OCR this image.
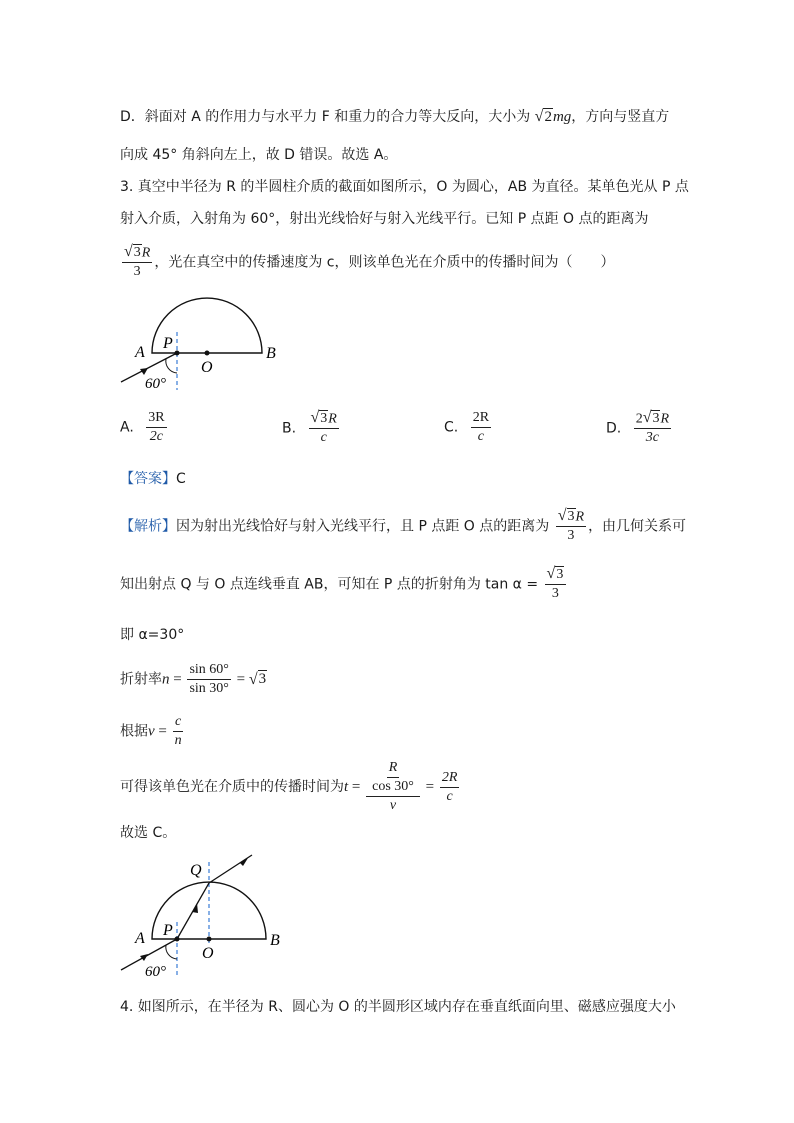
D．斜面对 A 的作用力与水平力 F 和重力的合力等大反向，大小为 √ 2 mg，方向与竖直方
向成 45° 角斜向左上，故 D 错误。故选 A。
3. 真空中半径为 R 的半圆柱介质的截面如图所示，O 为圆心，AB 为直径。某单色光从 P 点
射入介质，入射角为 60°，射出光线恰好与射入光线平行。已知 P 点距 O 点的距离为
$\frac{√ 3 R}{3}$ ，光在真空中的传播速度为 c，则该单色光在介质中的传播时间为（　　）
A
P
O
B
60°
A. $\frac{3R}{2c}$	B. $\frac{√ 3 R}{c}$	C. $\frac{2R}{c}$	D. $\frac{2 √ 3 R}{3c}$
【答案】C
【解析】因为射出光线恰好与射入光线平行，且 P 点距 O 点的距离为 $\frac{√ 3 R}{3}$ ，由几何关系可
知出射点 Q 与 O 点连线垂直 AB，可知在 P 点的折射角为 $\tan \alpha = \frac{√ 3}{3}$
即 α=30°
折射率$n = \frac{\sin 60^\circ}{\sin 30^\circ}$ = √ 3
根据$v = \frac{c}{n}$
可得该单色光在介质中的传播时间为$t = \frac{\frac{R}{\cos 30^\circ}}{v} = \frac{2R}{c}$
故选 C。
A P
O
B
Q
60°
4. 如图所示，在半径为 R、圆心为 O 的半圆形区域内存在垂直纸面向里、磁感应强度大小
